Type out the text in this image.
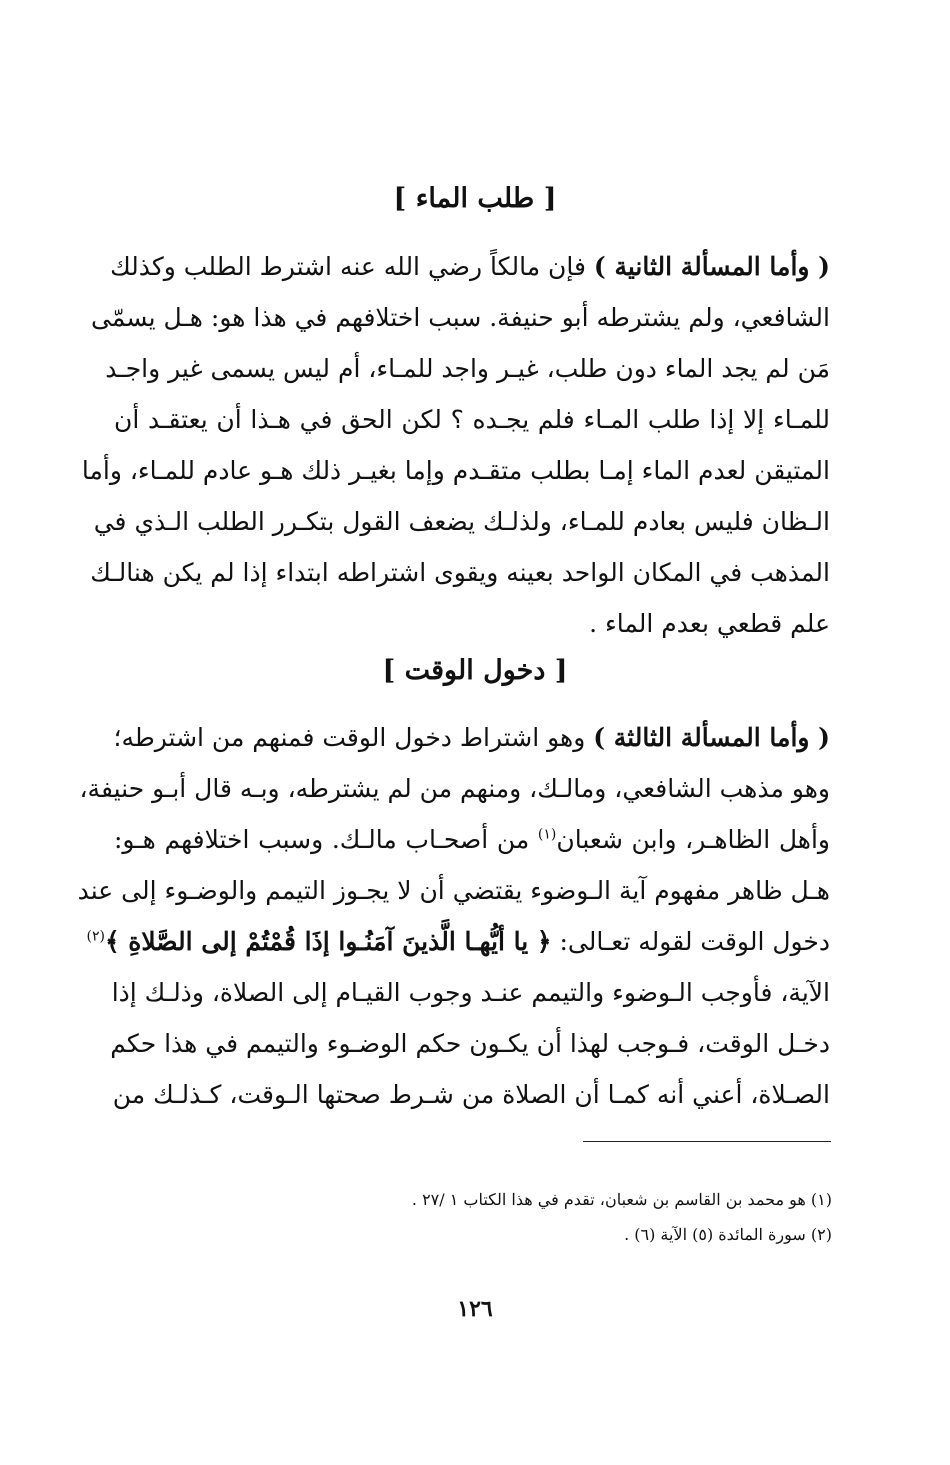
[ طلب الماء ]
( وأما المسألة الثانية ) فإن مالكاً رضي الله عنه اشترط الطلب وكذلك
الشافعي، ولم يشترطه أبو حنيفة. سبب اختلافهم في هذا هو: هـل يسمّى
مَن لم يجد الماء دون طلب، غيـر واجد للمـاء، أم ليس يسمى غير واجـد
للمـاء إلا إذا طلب المـاء فلم يجـده ؟ لكن الحق في هـذا أن يعتقـد أن
المتيقن لعدم الماء إمـا بطلب متقـدم وإما بغيـر ذلك هـو عادم للمـاء، وأما
الـظان فليس بعادم للمـاء، ولذلـك يضعف القول بتكـرر الطلب الـذي في
المذهب في المكان الواحد بعينه ويقوى اشتراطه ابتداء إذا لم يكن هنالـك
علم قطعي بعدم الماء .
[ دخول الوقت ]
( وأما المسألة الثالثة ) وهو اشتراط دخول الوقت فمنهم من اشترطه؛
وهو مذهب الشافعي، ومالـك، ومنهم من لم يشترطه، وبـه قال أبـو حنيفة،
وأهل الظاهـر، وابن شعبان$^{(١)}$ من أصحـاب مالـك. وسبب اختلافهم هـو:
هـل ظاهر مفهوم آية الـوضوء يقتضي أن لا يجـوز التيمم والوضـوء إلى عند
دخول الوقت لقوله تعـالى: ﴿ يا أيُّهـا الَّذينَ آمَنُـوا إذَا قُمْتُمْ إلى الصَّلاةِ ﴾$^{(٢)}$
الآية، فأوجب الـوضوء والتيمم عنـد وجوب القيـام إلى الصلاة، وذلـك إذا
دخـل الوقت، فـوجب لهذا أن يكـون حكم الوضـوء والتيمم في هذا حكم
الصـلاة، أعني أنه كمـا أن الصلاة من شـرط صحتها الـوقت، كـذلـك من
(١) هو محمد بن القاسم بن شعبان، تقدم في هذا الكتاب ١ /٢٧ .
(٢) سورة المائدة (٥) الآية (٦) .
١٢٦
